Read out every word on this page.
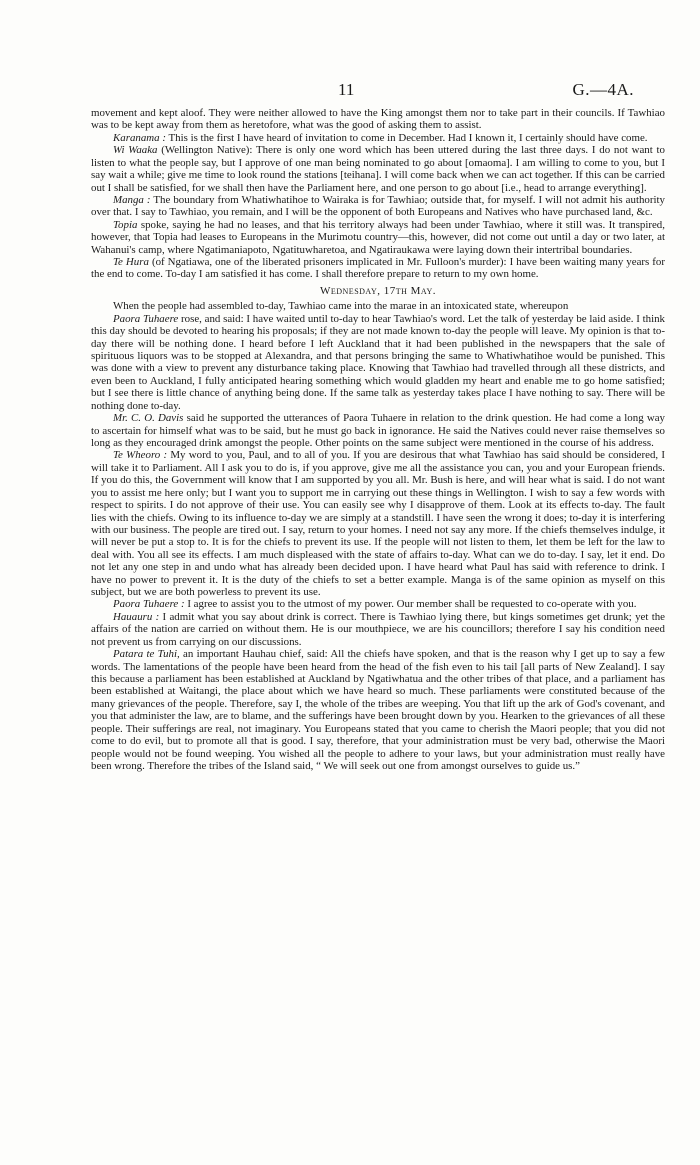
11	G.—4A.

movement and kept aloof. They were neither allowed to have the King amongst them nor to take part in their councils. If Tawhiao was to be kept away from them as heretofore, what was the good of asking them to assist.

Karanama : This is the first I have heard of invitation to come in December. Had I known it, I certainly should have come.

Wi Waaka (Wellington Native): There is only one word which has been uttered during the last three days. I do not want to listen to what the people say, but I approve of one man being nominated to go about [omaoma]. I am willing to come to you, but I say wait a while; give me time to look round the stations [teihana]. I will come back when we can act together. If this can be carried out I shall be satisfied, for we shall then have the Parliament here, and one person to go about [i.e., head to arrange everything].

Manga : The boundary from Whatiwhatihoe to Wairaka is for Tawhiao; outside that, for myself. I will not admit his authority over that. I say to Tawhiao, you remain, and I will be the opponent of both Europeans and Natives who have purchased land, &c.

Topia spoke, saying he had no leases, and that his territory always had been under Tawhiao, where it still was. It transpired, however, that Topia had leases to Europeans in the Murimotu country—this, however, did not come out until a day or two later, at Wahanui's camp, where Ngatimaniapoto, Ngatituwharetoa, and Ngatiraukawa were laying down their intertribal boundaries.

Te Hura (of Ngatiawa, one of the liberated prisoners implicated in Mr. Fulloon's murder): I have been waiting many years for the end to come. To-day I am satisfied it has come. I shall therefore prepare to return to my own home.

Wednesday, 17th May.

When the people had assembled to-day, Tawhiao came into the marae in an intoxicated state, whereupon

Paora Tuhaere rose, and said: I have waited until to-day to hear Tawhiao's word. Let the talk of yesterday be laid aside. I think this day should be devoted to hearing his proposals; if they are not made known to-day the people will leave. My opinion is that to-day there will be nothing done. I heard before I left Auckland that it had been published in the newspapers that the sale of spirituous liquors was to be stopped at Alexandra, and that persons bringing the same to Whatiwhatihoe would be punished. This was done with a view to prevent any disturbance taking place. Knowing that Tawhiao had travelled through all these districts, and even been to Auckland, I fully anticipated hearing something which would gladden my heart and enable me to go home satisfied; but I see there is little chance of anything being done. If the same talk as yesterday takes place I have nothing to say. There will be nothing done to-day.

Mr. C. O. Davis said he supported the utterances of Paora Tuhaere in relation to the drink question. He had come a long way to ascertain for himself what was to be said, but he must go back in ignorance. He said the Natives could never raise themselves so long as they encouraged drink amongst the people. Other points on the same subject were mentioned in the course of his address.

Te Wheoro : My word to you, Paul, and to all of you. If you are desirous that what Tawhiao has said should be considered, I will take it to Parliament. All I ask you to do is, if you approve, give me all the assistance you can, you and your European friends. If you do this, the Government will know that I am supported by you all. Mr. Bush is here, and will hear what is said. I do not want you to assist me here only; but I want you to support me in carrying out these things in Wellington. I wish to say a few words with respect to spirits. I do not approve of their use. You can easily see why I disapprove of them. Look at its effects to-day. The fault lies with the chiefs. Owing to its influence to-day we are simply at a standstill. I have seen the wrong it does; to-day it is interfering with our business. The people are tired out. I say, return to your homes. I need not say any more. If the chiefs themselves indulge, it will never be put a stop to. It is for the chiefs to prevent its use. If the people will not listen to them, let them be left for the law to deal with. You all see its effects. I am much displeased with the state of affairs to-day. What can we do to-day. I say, let it end. Do not let any one step in and undo what has already been decided upon. I have heard what Paul has said with reference to drink. I have no power to prevent it. It is the duty of the chiefs to set a better example. Manga is of the same opinion as myself on this subject, but we are both powerless to prevent its use.

Paora Tuhaere : I agree to assist you to the utmost of my power. Our member shall be requested to co-operate with you.

Hauauru : I admit what you say about drink is correct. There is Tawhiao lying there, but kings sometimes get drunk; yet the affairs of the nation are carried on without them. He is our mouthpiece, we are his councillors; therefore I say his condition need not prevent us from carrying on our discussions.

Patara te Tuhi, an important Hauhau chief, said: All the chiefs have spoken, and that is the reason why I get up to say a few words. The lamentations of the people have been heard from the head of the fish even to his tail [all parts of New Zealand]. I say this because a parliament has been established at Auckland by Ngatiwhatua and the other tribes of that place, and a parliament has been established at Waitangi, the place about which we have heard so much. These parliaments were constituted because of the many grievances of the people. Therefore, say I, the whole of the tribes are weeping. You that lift up the ark of God's covenant, and you that administer the law, are to blame, and the sufferings have been brought down by you. Hearken to the grievances of all these people. Their sufferings are real, not imaginary. You Europeans stated that you came to cherish the Maori people; that you did not come to do evil, but to promote all that is good. I say, therefore, that your administration must be very bad, otherwise the Maori people would not be found weeping. You wished all the people to adhere to your laws, but your administration must really have been wrong. Therefore the tribes of the Island said, “ We will seek out one from amongst ourselves to guide us.”
